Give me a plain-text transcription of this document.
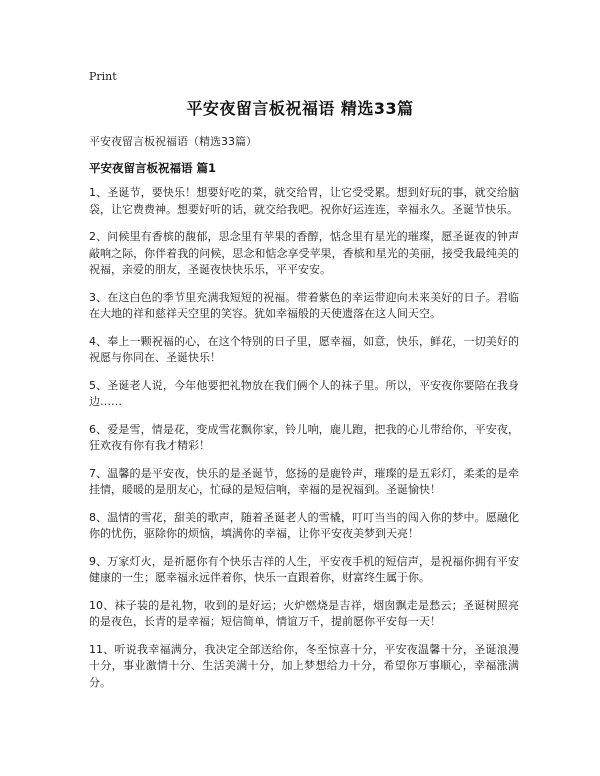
Print
平安夜留言板祝福语 精选33篇
平安夜留言板祝福语（精选33篇）
平安夜留言板祝福语 篇1

1、圣诞节，要快乐！想要好吃的菜，就交给胃，让它受受累。想到好玩的事，就交给脑袋，让它费费神。想要好听的话，就交给我吧。祝你好运连连，幸福永久。圣诞节快乐。

2、问候里有香槟的馥郁，思念里有苹果的香醇，惦念里有星光的璀璨，愿圣诞夜的钟声敲响之际，你伴着我的问候，思念和惦念享受苹果，香槟和星光的美丽，接受我最纯美的祝福，亲爱的朋友，圣诞夜快快乐乐，平平安安。

3、在这白色的季节里充满我短短的祝福。带着紫色的幸运带迎向未来美好的日子。君临在大地的祥和慈祥天空里的笑容。犹如幸福般的天使遗落在这人间天空。

4、奉上一颗祝福的心，在这个特别的日子里，愿幸福，如意，快乐，鲜花，一切美好的祝愿与你同在、圣诞快乐！

5、圣诞老人说，今年他要把礼物放在我们俩个人的袜子里。所以，平安夜你要陪在我身边……

6、爱是雪，情是花，变成雪花飘你家，铃儿响，鹿儿跑，把我的心儿带给你，平安夜，狂欢夜有你有我才精彩！

7、温馨的是平安夜，快乐的是圣诞节，悠扬的是鹿铃声，璀璨的是五彩灯，柔柔的是牵挂情，暖暖的是朋友心，忙碌的是短信响，幸福的是祝福到。圣诞愉快！

8、温情的雪花，甜美的歌声，随着圣诞老人的雪橇，叮叮当当的闯入你的梦中。愿融化你的忧伤，驱除你的烦恼，填满你的幸福，让你平安夜美梦到天亮！

9、万家灯火，是祈愿你有个快乐吉祥的人生，平安夜手机的短信声，是祝福你拥有平安健康的一生；愿幸福永远伴着你，快乐一直跟着你，财富终生属于你。

10、袜子装的是礼物，收到的是好运；火炉燃烧是吉祥，烟囱飘走是愁云；圣诞树照亮的是夜色，长青的是幸福；短信简单，情谊万千，提前愿你平安每一天！

11、听说我幸福满分，我决定全部送给你，冬至惊喜十分，平安夜温馨十分，圣诞浪漫十分，事业激情十分、生活美满十分，加上梦想给力十分，希望你万事顺心，幸福涨满分。
